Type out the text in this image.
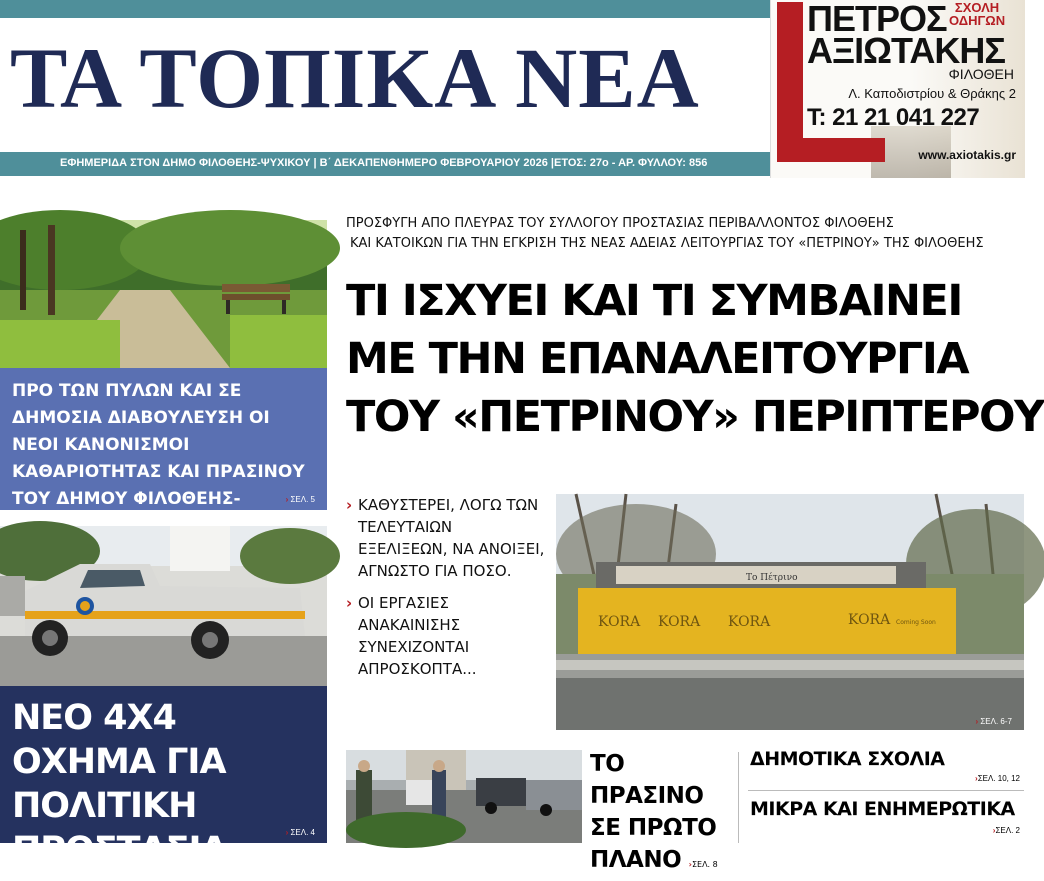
ΤΑ ΤΟΠΙΚΑ ΝΕΑ
ΕΦΗΜΕΡΙΔΑ ΣΤΟΝ ΔΗΜΟ ΦΙΛΟΘΕΗΣ-ΨΥΧΙΚΟΥ | Β΄ ΔΕΚΑΠΕΝΘΗΜΕΡΟ ΦΕΒΡΟΥΑΡΙΟΥ 2026 |ΕΤΟΣ: 27ο - ΑΡ. ΦΥΛΛΟΥ: 856
ΠΕΤΡΟΣ ΣΧΟΛΗ
ΟΔΗΓΩΝ
ΑΞΙΩΤΑΚΗΣ
ΦΙΛΟΘΕΗ
Λ. Καποδιστρίου & Θράκης 2
Τ: 21 21 041 227
www.axiotakis.gr
ΠΡΟ ΤΩΝ ΠΥΛΩΝ ΚΑΙ ΣΕ ΔΗΜΟΣΙΑ ΔΙΑΒΟΥΛΕΥΣΗ ΟΙ ΝΕΟΙ ΚΑΝΟΝΙΣΜΟΙ ΚΑΘΑΡΙΟΤΗΤΑΣ ΚΑΙ ΠΡΑΣΙΝΟΥ ΤΟΥ ΔΗΜΟΥ ΦΙΛΟΘΕΗΣ-	› ΣΕΛ. 5
ΝΕΟ 4Χ4 ΟΧΗΜΑ ΓΙΑ ΠΟΛΙΤΙΚΗ ΠΡΟΣΤΑΣΙΑ	› ΣΕΛ. 4
ΠΡΟΣΦΥΓΗ ΑΠΟ ΠΛΕΥΡΑΣ ΤΟΥ ΣΥΛΛΟΓΟΥ ΠΡΟΣΤΑΣΙΑΣ ΠΕΡΙΒΑΛΛΟΝΤΟΣ ΦΙΛΟΘΕΗΣ
ΚΑΙ ΚΑΤΟΙΚΩΝ ΓΙΑ ΤΗΝ ΕΓΚΡΙΣΗ ΤΗΣ ΝΕΑΣ ΑΔΕΙΑΣ ΛΕΙΤΟΥΡΓΙΑΣ ΤΟΥ «ΠΕΤΡΙΝΟΥ» ΤΗΣ ΦΙΛΟΘΕΗΣ
ΤΙ ΙΣΧΥΕΙ ΚΑΙ ΤΙ ΣΥΜΒΑΙΝΕΙ
ΜΕ ΤΗΝ ΕΠΑΝΑΛΕΙΤΟΥΡΓΙΑ
ΤΟΥ «ΠΕΤΡΙΝΟΥ» ΠΕΡΙΠΤΕΡΟΥ
› ΚΑΘΥΣΤΕΡΕΙ, ΛΟΓΩ ΤΩΝ ΤΕΛΕΥΤΑΙΩΝ ΕΞΕΛΙΞΕΩΝ, ΝΑ ΑΝΟΙΞΕΙ, ΑΓΝΩΣΤΟ ΓΙΑ ΠΟΣΟ.
› ΟΙ ΕΡΓΑΣΙΕΣ ΑΝΑΚΑΙΝΙΣΗΣ ΣΥΝΕΧΙΖΟΝΤΑΙ ΑΠΡΟΣΚΟΠΤΑ...
Το Πέτρινο
KORA KORA KORA	KORA Coming Soon
› ΣΕΛ. 6-7
ΤΟ ΠΡΑΣΙΝΟ ΣΕ ΠΡΩΤΟ ΠΛΑΝΟ ›ΣΕΛ. 8
ΔΗΜΟΤΙΚΑ ΣΧΟΛΙΑ
›ΣΕΛ. 10, 12
ΜΙΚΡΑ ΚΑΙ ΕΝΗΜΕΡΩΤΙΚΑ
›ΣΕΛ. 2
